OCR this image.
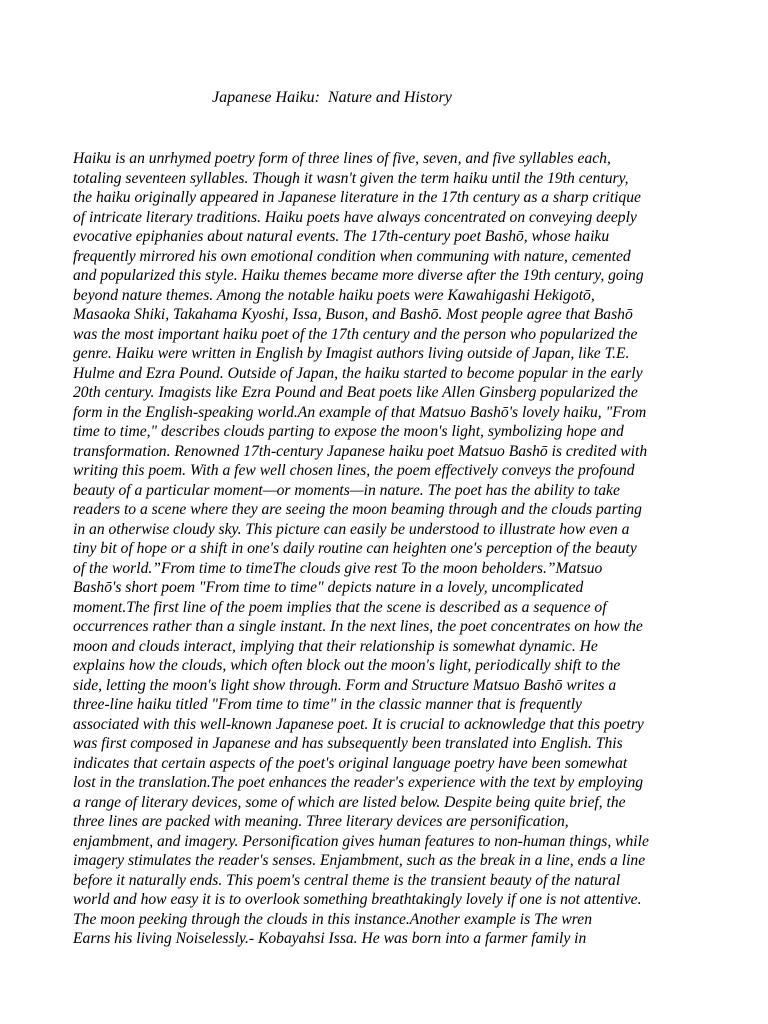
Japanese Haiku:  Nature and History
Haiku is an unrhymed poetry form of three lines of five, seven, and five syllables each,
totaling seventeen syllables. Though it wasn't given the term haiku until the 19th century,
the haiku originally appeared in Japanese literature in the 17th century as a sharp critique
of intricate literary traditions. Haiku poets have always concentrated on conveying deeply
evocative epiphanies about natural events. The 17th-century poet Bashō, whose haiku
frequently mirrored his own emotional condition when communing with nature, cemented
and popularized this style. Haiku themes became more diverse after the 19th century, going
beyond nature themes. Among the notable haiku poets were Kawahigashi Hekigotō,
Masaoka Shiki, Takahama Kyoshi, Issa, Buson, and Bashō. Most people agree that Bashō
was the most important haiku poet of the 17th century and the person who popularized the
genre. Haiku were written in English by Imagist authors living outside of Japan, like T.E.
Hulme and Ezra Pound. Outside of Japan, the haiku started to become popular in the early
20th century. Imagists like Ezra Pound and Beat poets like Allen Ginsberg popularized the
form in the English-speaking world.An example of that Matsuo Bashō's lovely haiku, "From
time to time," describes clouds parting to expose the moon's light, symbolizing hope and
transformation. Renowned 17th-century Japanese haiku poet Matsuo Bashō is credited with
writing this poem. With a few well chosen lines, the poem effectively conveys the profound
beauty of a particular moment—or moments—in nature. The poet has the ability to take
readers to a scene where they are seeing the moon beaming through and the clouds parting
in an otherwise cloudy sky. This picture can easily be understood to illustrate how even a
tiny bit of hope or a shift in one's daily routine can heighten one's perception of the beauty
of the world.”From time to timeThe clouds give rest To the moon beholders.”Matsuo
Bashō's short poem "From time to time" depicts nature in a lovely, uncomplicated
moment.The first line of the poem implies that the scene is described as a sequence of
occurrences rather than a single instant. In the next lines, the poet concentrates on how the
moon and clouds interact, implying that their relationship is somewhat dynamic. He
explains how the clouds, which often block out the moon's light, periodically shift to the
side, letting the moon's light show through. Form and Structure Matsuo Bashō writes a
three-line haiku titled "From time to time" in the classic manner that is frequently
associated with this well-known Japanese poet. It is crucial to acknowledge that this poetry
was first composed in Japanese and has subsequently been translated into English. This
indicates that certain aspects of the poet's original language poetry have been somewhat
lost in the translation.The poet enhances the reader's experience with the text by employing
a range of literary devices, some of which are listed below. Despite being quite brief, the
three lines are packed with meaning. Three literary devices are personification,
enjambment, and imagery. Personification gives human features to non-human things, while
imagery stimulates the reader's senses. Enjambment, such as the break in a line, ends a line
before it naturally ends. This poem's central theme is the transient beauty of the natural
world and how easy it is to overlook something breathtakingly lovely if one is not attentive.
The moon peeking through the clouds in this instance.Another example is The wren
Earns his living Noiselessly.- Kobayahsi Issa. He was born into a farmer family in
